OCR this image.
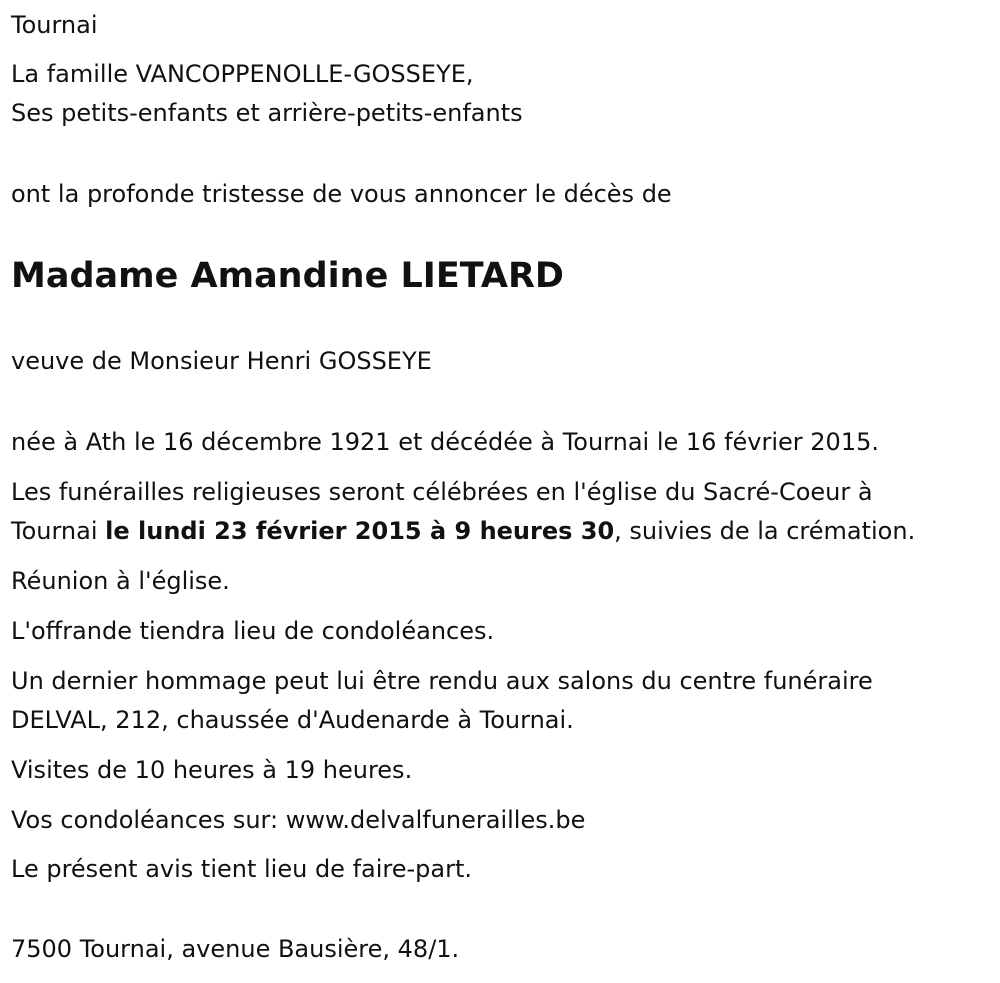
Tournai

La famille VANCOPPENOLLE-GOSSEYE,

Ses petits-enfants et arrière-petits-enfants

ont la profonde tristesse de vous annoncer le décès de

Madame Amandine LIETARD

veuve de Monsieur Henri GOSSEYE

née à Ath le 16 décembre 1921 et décédée à Tournai le 16 février 2015.

Les funérailles religieuses seront célébrées en l'église du Sacré-Coeur à

Tournai le lundi 23 février 2015 à 9 heures 30, suivies de la crémation.

Réunion à l'église.

L'offrande tiendra lieu de condoléances.

Un dernier hommage peut lui être rendu aux salons du centre funéraire

DELVAL, 212, chaussée d'Audenarde à Tournai.

Visites de 10 heures à 19 heures.

Vos condoléances sur: www.delvalfunerailles.be

Le présent avis tient lieu de faire-part.

7500 Tournai, avenue Bausière, 48/1.
